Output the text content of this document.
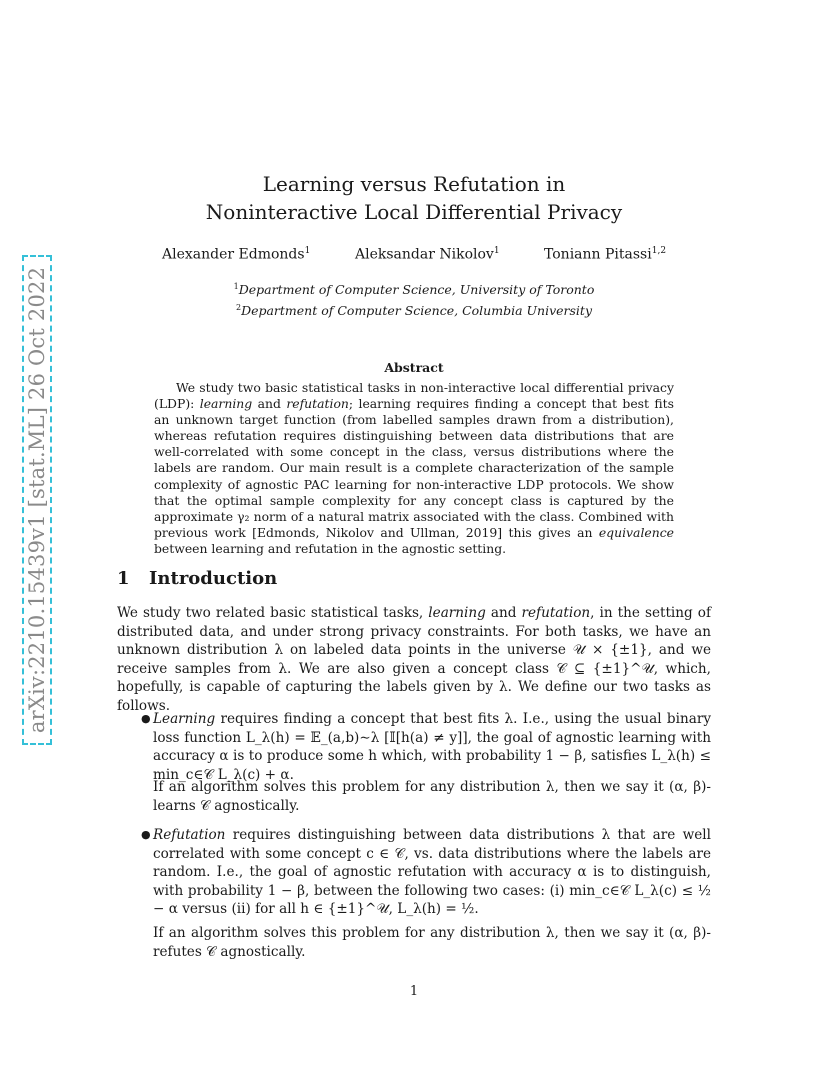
arXiv:2210.15439v1 [stat.ML] 26 Oct 2022
Learning versus Refutation in
Noninteractive Local Differential Privacy
Alexander Edmonds$^1$	Aleksandar Nikolov$^1$	Toniann Pitassi$^{1,2}$
$^1$Department of Computer Science, University of Toronto
$^2$Department of Computer Science, Columbia University
Abstract
We study two basic statistical tasks in non-interactive local differential privacy (LDP): learning and refutation; learning requires finding a concept that best fits an unknown target function (from labelled samples drawn from a distribution), whereas refutation requires distinguishing between data distributions that are well-correlated with some concept in the class, versus distributions where the labels are random. Our main result is a complete characterization of the sample complexity of agnostic PAC learning for non-interactive LDP protocols. We show that the optimal sample complexity for any concept class is captured by the approximate γ₂ norm of a natural matrix associated with the class. Combined with previous work [Edmonds, Nikolov and Ullman, 2019] this gives an equivalence between learning and refutation in the agnostic setting.
1 Introduction
We study two related basic statistical tasks, learning and refutation, in the setting of distributed data, and under strong privacy constraints. For both tasks, we have an unknown distribution λ on labeled data points in the universe 𝒰 × {±1}, and we receive samples from λ. We are also given a concept class 𝒞 ⊆ {±1}^𝒰, which, hopefully, is capable of capturing the labels given by λ. We define our two tasks as follows.
● Learning requires finding a concept that best fits λ. I.e., using the usual binary loss function L_λ(h) = 𝔼_(a,b)∼λ [𝕀[h(a) ≠ y]], the goal of agnostic learning with accuracy α is to produce some h which, with probability 1 − β, satisfies L_λ(h) ≤ min_c∈𝒞 L_λ(c) + α.
If an algorithm solves this problem for any distribution λ, then we say it (α, β)-learns 𝒞 agnostically.
● Refutation requires distinguishing between data distributions λ that are well correlated with some concept c ∈ 𝒞, vs. data distributions where the labels are random. I.e., the goal of agnostic refutation with accuracy α is to distinguish, with probability 1 − β, between the following two cases: (i) min_c∈𝒞 L_λ(c) ≤ ½ − α versus (ii) for all h ∈ {±1}^𝒰, L_λ(h) = ½.
If an algorithm solves this problem for any distribution λ, then we say it (α, β)-refutes 𝒞 agnostically.
1
